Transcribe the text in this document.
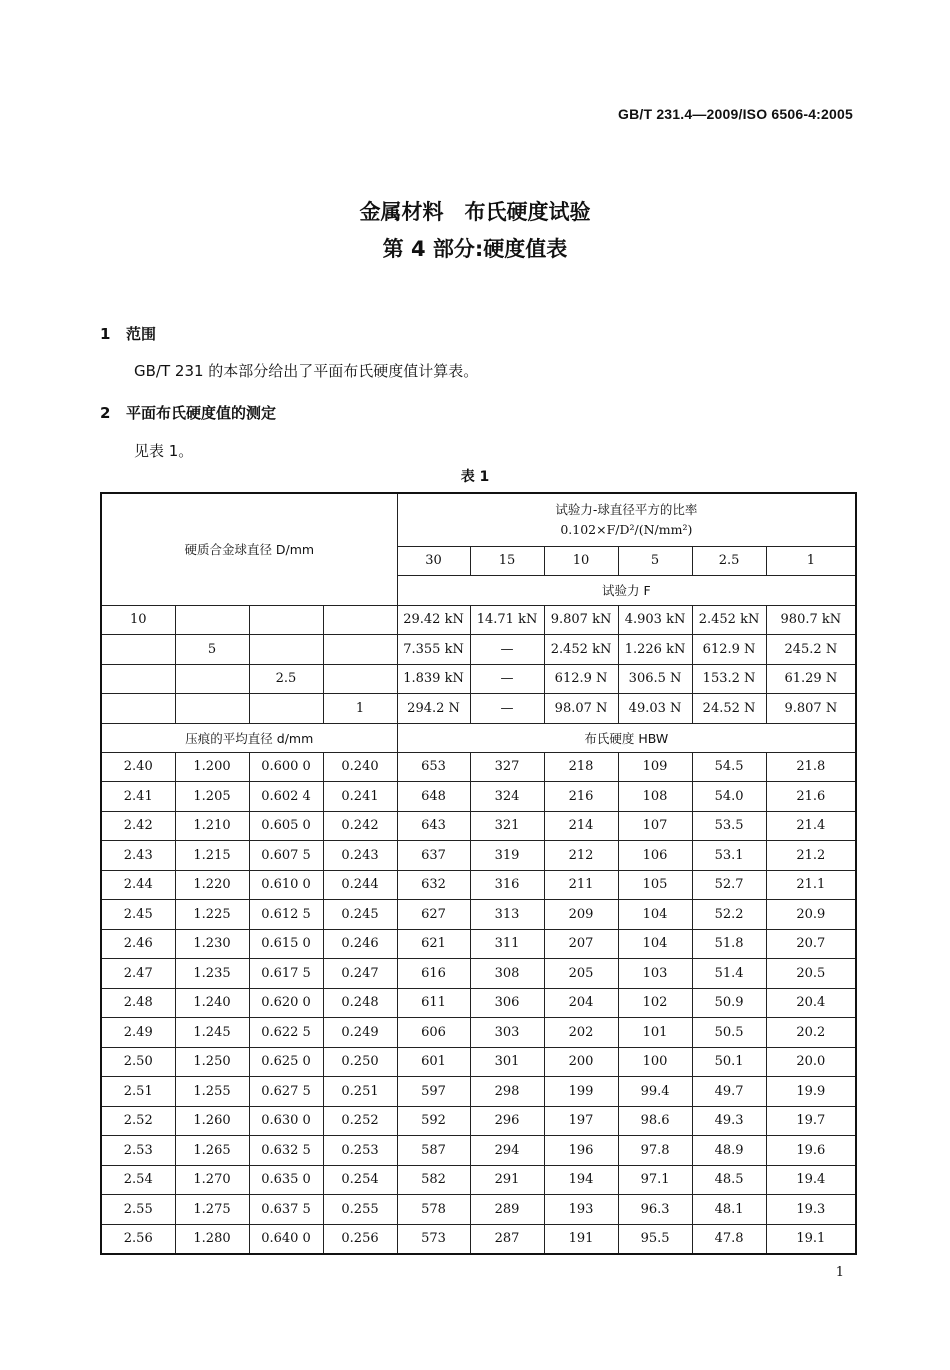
GB/T 231.4—2009/ISO 6506-4:2005
金属材料　布氏硬度试验
第 4 部分:硬度值表
1 范围
GB/T 231 的本部分给出了平面布氏硬度值计算表。
2 平面布氏硬度值的测定
见表 1。
表 1
硬质合金球直径 D/mm				试验力-球直径平方的比率
0.102×F/D²/(N/mm²)					

				30	15	10	5	2.5	1
				试验力 F					
10				29.42 kN	14.71 kN	9.807 kN	4.903 kN	2.452 kN	980.7 kN
	5			7.355 kN	—	2.452 kN	1.226 kN	612.9 N	245.2 N
		2.5		1.839 kN	—	612.9 N	306.5 N	153.2 N	61.29 N
			1	294.2 N	—	98.07 N	49.03 N	24.52 N	9.807 N
压痕的平均直径 d/mm				布氏硬度 HBW					
2.40	1.200	0.600 0	0.240	653	327	218	109	54.5	21.8
2.41	1.205	0.602 4	0.241	648	324	216	108	54.0	21.6
2.42	1.210	0.605 0	0.242	643	321	214	107	53.5	21.4
2.43	1.215	0.607 5	0.243	637	319	212	106	53.1	21.2
2.44	1.220	0.610 0	0.244	632	316	211	105	52.7	21.1
2.45	1.225	0.612 5	0.245	627	313	209	104	52.2	20.9
2.46	1.230	0.615 0	0.246	621	311	207	104	51.8	20.7
2.47	1.235	0.617 5	0.247	616	308	205	103	51.4	20.5
2.48	1.240	0.620 0	0.248	611	306	204	102	50.9	20.4
2.49	1.245	0.622 5	0.249	606	303	202	101	50.5	20.2
2.50	1.250	0.625 0	0.250	601	301	200	100	50.1	20.0
2.51	1.255	0.627 5	0.251	597	298	199	99.4	49.7	19.9
2.52	1.260	0.630 0	0.252	592	296	197	98.6	49.3	19.7
2.53	1.265	0.632 5	0.253	587	294	196	97.8	48.9	19.6
2.54	1.270	0.635 0	0.254	582	291	194	97.1	48.5	19.4
2.55	1.275	0.637 5	0.255	578	289	193	96.3	48.1	19.3
2.56	1.280	0.640 0	0.256	573	287	191	95.5	47.8	19.1
1
